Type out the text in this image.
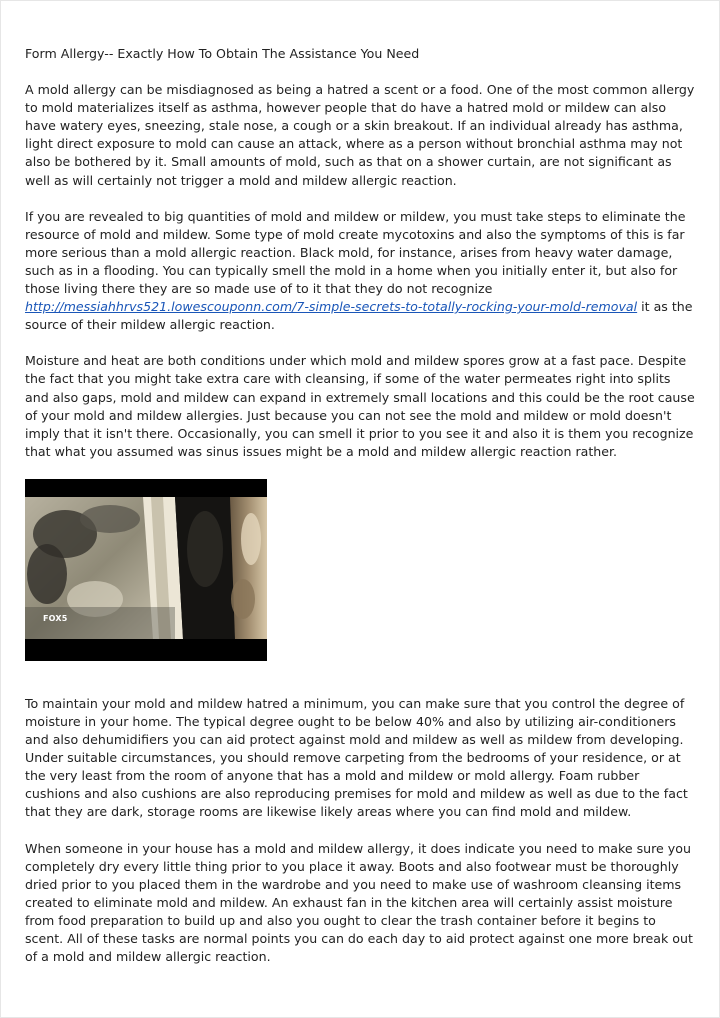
Form Allergy-- Exactly How To Obtain The Assistance You Need

A mold allergy can be misdiagnosed as being a hatred a scent or a food. One of the most common allergy to mold materializes itself as asthma, however people that do have a hatred mold or mildew can also have watery eyes, sneezing, stale nose, a cough or a skin breakout. If an individual already has asthma, light direct exposure to mold can cause an attack, where as a person without bronchial asthma may not also be bothered by it. Small amounts of mold, such as that on a shower curtain, are not significant as well as will certainly not trigger a mold and mildew allergic reaction.

If you are revealed to big quantities of mold and mildew or mildew, you must take steps to eliminate the resource of mold and mildew. Some type of mold create mycotoxins and also the symptoms of this is far more serious than a mold allergic reaction. Black mold, for instance, arises from heavy water damage, such as in a flooding. You can typically smell the mold in a home when you initially enter it, but also for those living there they are so made use of to it that they do not recognize http://messiahhrvs521.lowescouponn.com/7-simple-secrets-to-totally-rocking-your-mold-removal it as the source of their mildew allergic reaction.

Moisture and heat are both conditions under which mold and mildew spores grow at a fast pace. Despite the fact that you might take extra care with cleansing, if some of the water permeates right into splits and also gaps, mold and mildew can expand in extremely small locations and this could be the root cause of your mold and mildew allergies. Just because you can not see the mold and mildew or mold doesn't imply that it isn't there. Occasionally, you can smell it prior to you see it and also it is them you recognize that what you assumed was sinus issues might be a mold and mildew allergic reaction rather.

FOX5

To maintain your mold and mildew hatred a minimum, you can make sure that you control the degree of moisture in your home. The typical degree ought to be below 40% and also by utilizing air-conditioners and also dehumidifiers you can aid protect against mold and mildew as well as mildew from developing. Under suitable circumstances, you should remove carpeting from the bedrooms of your residence, or at the very least from the room of anyone that has a mold and mildew or mold allergy. Foam rubber cushions and also cushions are also reproducing premises for mold and mildew as well as due to the fact that they are dark, storage rooms are likewise likely areas where you can find mold and mildew.

When someone in your house has a mold and mildew allergy, it does indicate you need to make sure you completely dry every little thing prior to you place it away. Boots and also footwear must be thoroughly dried prior to you placed them in the wardrobe and you need to make use of washroom cleansing items created to eliminate mold and mildew. An exhaust fan in the kitchen area will certainly assist moisture from food preparation to build up and also you ought to clear the trash container before it begins to scent. All of these tasks are normal points you can do each day to aid protect against one more break out of a mold and mildew allergic reaction.
